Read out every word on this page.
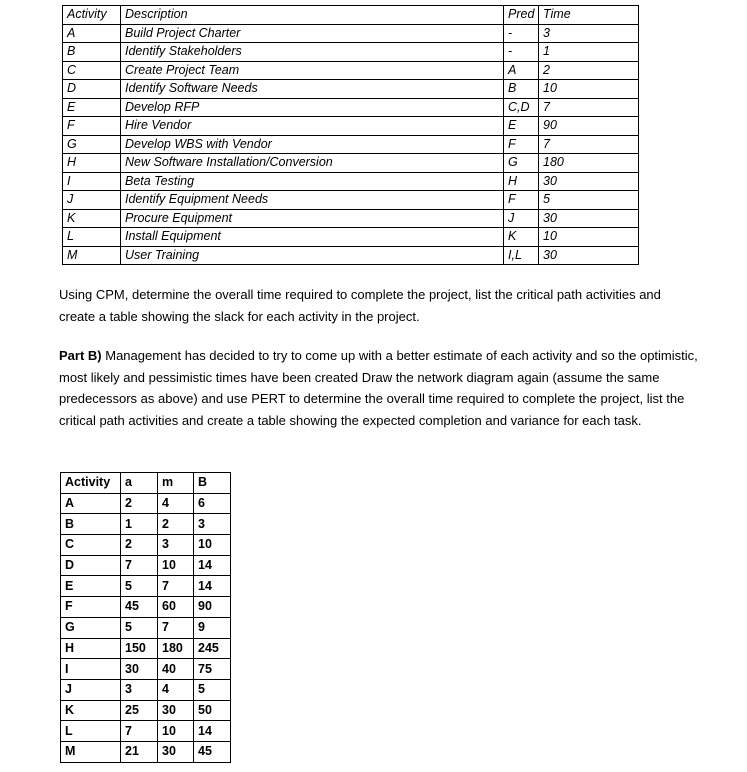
Activity	Description	Pred	Time
A	Build Project Charter	-	3
B	Identify Stakeholders	-	1
C	Create Project Team	A	2
D	Identify Software Needs	B	10
E	Develop RFP	C,D	7
F	Hire Vendor	E	90
G	Develop WBS with Vendor	F	7
H	New Software Installation/Conversion	G	180
I	Beta Testing	H	30
J	Identify Equipment Needs	F	5
K	Procure Equipment	J	30
L	Install Equipment	K	10
M	User Training	I,L	30

Using CPM, determine the overall time required to complete the project, list the critical path activities and create a table showing the slack for each activity in the project.

Part B) Management has decided to try to come up with a better estimate of each activity and so the optimistic, most likely and pessimistic times have been created Draw the network diagram again (assume the same predecessors as above) and use PERT to determine the overall time required to complete the project, list the critical path activities and create a table showing the expected completion and variance for each task.

Activity	a	m	B
A	2	4	6
B	1	2	3
C	2	3	10
D	7	10	14
E	5	7	14
F	45	60	90
G	5	7	9
H	150	180	245
I	30	40	75
J	3	4	5
K	25	30	50
L	7	10	14
M	21	30	45
